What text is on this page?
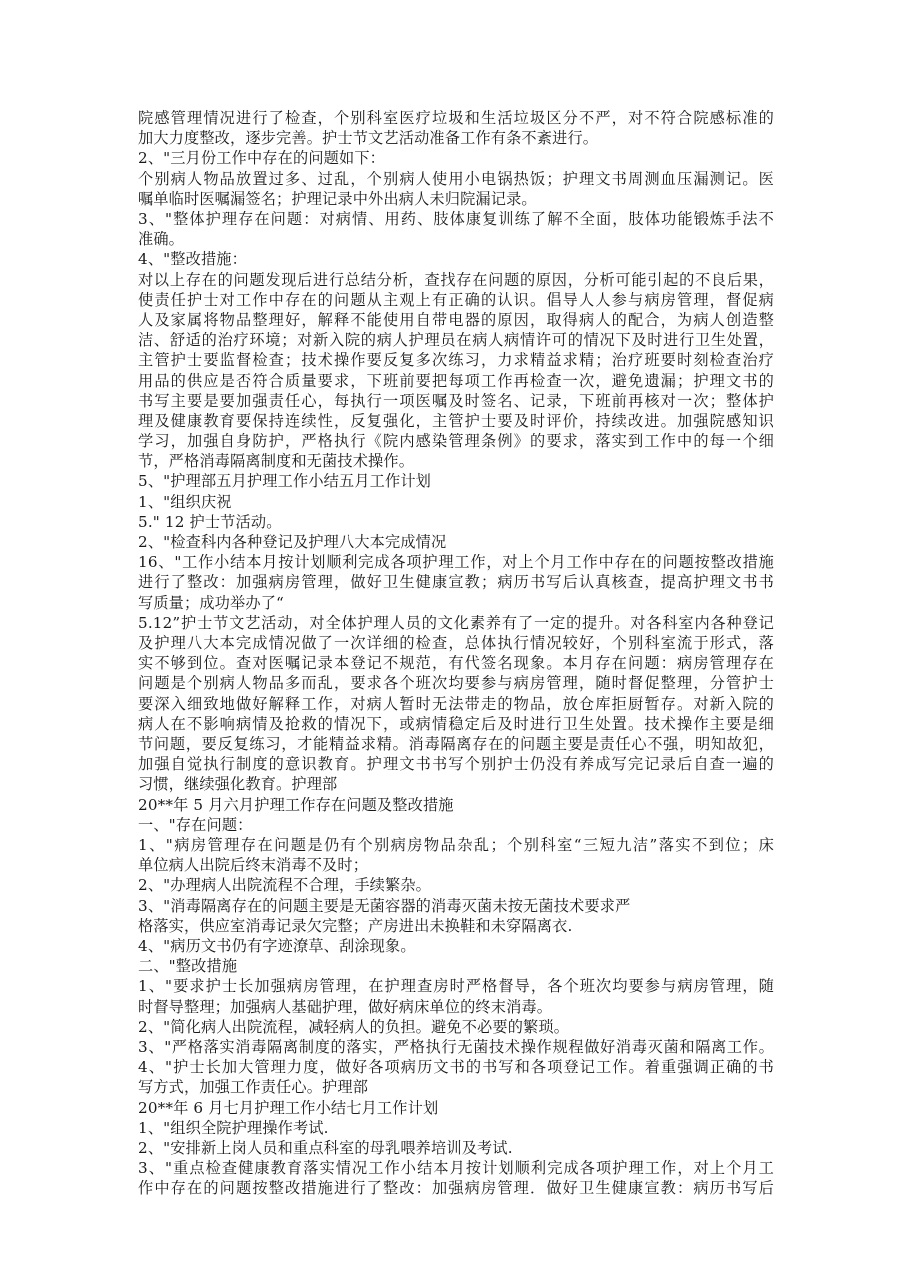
院感管理情况进行了检查，个别科室医疗垃圾和生活垃圾区分不严，对不符合院感标准的
加大力度整改，逐步完善。护士节文艺活动准备工作有条不紊进行。
2、"三月份工作中存在的问题如下：
个别病人物品放置过多、过乱，个别病人使用小电锅热饭；护理文书周测血压漏测记。医
嘱单临时医嘱漏签名；护理记录中外出病人未归院漏记录。
3、"整体护理存在问题：对病情、用药、肢体康复训练了解不全面，肢体功能锻炼手法不
准确。
4、"整改措施：
对以上存在的问题发现后进行总结分析，查找存在问题的原因，分析可能引起的不良后果，
使责任护士对工作中存在的问题从主观上有正确的认识。倡导人人参与病房管理，督促病
人及家属将物品整理好，解释不能使用自带电器的原因，取得病人的配合，为病人创造整
洁、舒适的治疗环境；对新入院的病人护理员在病人病情许可的情况下及时进行卫生处置，
主管护士要监督检查；技术操作要反复多次练习，力求精益求精；治疗班要时刻检查治疗
用品的供应是否符合质量要求，下班前要把每项工作再检查一次，避免遗漏；护理文书的
书写主要是要加强责任心，每执行一项医嘱及时签名、记录，下班前再核对一次；整体护
理及健康教育要保持连续性，反复强化，主管护士要及时评价，持续改进。加强院感知识
学习，加强自身防护，严格执行《院内感染管理条例》的要求，落实到工作中的每一个细
节，严格消毒隔离制度和无菌技术操作。
5、"护理部五月护理工作小结五月工作计划
1、"组织庆祝
5." 12 护士节活动。
2、"检查科内各种登记及护理八大本完成情况
16、"工作小结本月按计划顺利完成各项护理工作，对上个月工作中存在的问题按整改措施
进行了整改：加强病房管理，做好卫生健康宣教；病历书写后认真核查，提高护理文书书
写质量；成功举办了“
5.12”护士节文艺活动，对全体护理人员的文化素养有了一定的提升。对各科室内各种登记
及护理八大本完成情况做了一次详细的检查，总体执行情况较好，个别科室流于形式，落
实不够到位。查对医嘱记录本登记不规范，有代签名现象。本月存在问题：病房管理存在
问题是个别病人物品多而乱，要求各个班次均要参与病房管理，随时督促整理，分管护士
要深入细致地做好解释工作，对病人暂时无法带走的物品，放仓库拒厨暂存。对新入院的
病人在不影响病情及抢救的情况下，或病情稳定后及时进行卫生处置。技术操作主要是细
节问题，要反复练习，才能精益求精。消毒隔离存在的问题主要是责任心不强，明知故犯，
加强自觉执行制度的意识教育。护理文书书写个别护士仍没有养成写完记录后自查一遍的
习惯，继续强化教育。护理部
20**年 5 月六月护理工作存在问题及整改措施
一、"存在问题：
1、"病房管理存在问题是仍有个别病房物品杂乱；个别科室“三短九洁”落实不到位；床
单位病人出院后终末消毒不及时；
2、"办理病人出院流程不合理，手续繁杂。
3、"消毒隔离存在的问题主要是无菌容器的消毒灭菌未按无菌技术要求严
格落实，供应室消毒记录欠完整；产房进出未换鞋和未穿隔离衣.
4、"病历文书仍有字迹潦草、刮涂现象。
二、"整改措施
1、"要求护士长加强病房管理，在护理查房时严格督导，各个班次均要参与病房管理，随
时督导整理；加强病人基础护理，做好病床单位的终末消毒。
2、"简化病人出院流程，减轻病人的负担。避免不必要的繁琐。
3、"严格落实消毒隔离制度的落实，严格执行无菌技术操作规程做好消毒灭菌和隔离工作。
4、"护士长加大管理力度，做好各项病历文书的书写和各项登记工作。着重强调正确的书
写方式，加强工作责任心。护理部
20**年 6 月七月护理工作小结七月工作计划
1、"组织全院护理操作考试.
2、"安排新上岗人员和重点科室的母乳喂养培训及考试.
3、"重点检查健康教育落实情况工作小结本月按计划顺利完成各项护理工作，对上个月工
作中存在的问题按整改措施进行了整改：加强病房管理．做好卫生健康宣教：病历书写后
